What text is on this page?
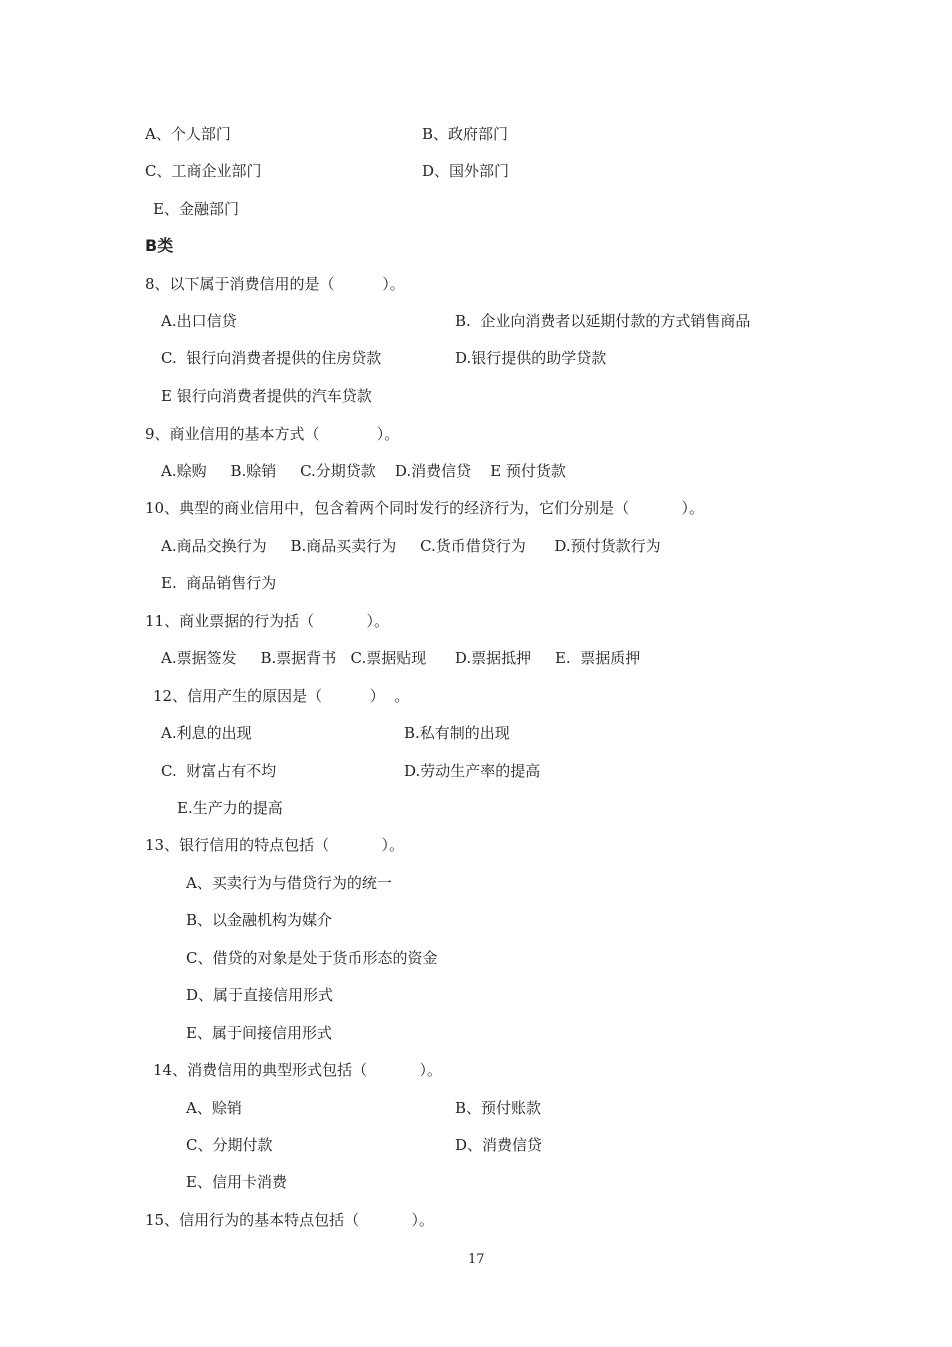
A、个人部门	B、政府部门
C、工商企业部门	D、国外部门
E、金融部门
B类
8、以下属于消费信用的是（          ）。
A.出口信贷	B.  企业向消费者以延期付款的方式销售商品
C.  银行向消费者提供的住房贷款	D.银行提供的助学贷款
E 银行向消费者提供的汽车贷款
9、商业信用的基本方式（            ）。
A.赊购     B.赊销     C.分期贷款    D.消费信贷    E 预付货款
10、典型的商业信用中，包含着两个同时发行的经济行为，它们分别是（           ）。
A.商品交换行为     B.商品买卖行为     C.货币借贷行为      D.预付货款行为
E.  商品销售行为
11、商业票据的行为括（           ）。
A.票据签发     B.票据背书   C.票据贴现      D.票据抵押     E.  票据质押
12、信用产生的原因是（          ）  。
A.利息的出现	B.私有制的出现
C.  财富占有不均	D.劳动生产率的提高
E.生产力的提高
13、银行信用的特点包括（           ）。
A、买卖行为与借贷行为的统一
B、以金融机构为媒介
C、借贷的对象是处于货币形态的资金
D、属于直接信用形式
E、属于间接信用形式
14、消费信用的典型形式包括（           ）。
A、赊销	B、预付账款
C、分期付款	D、消费信贷
E、信用卡消费
15、信用行为的基本特点包括（           ）。
17
